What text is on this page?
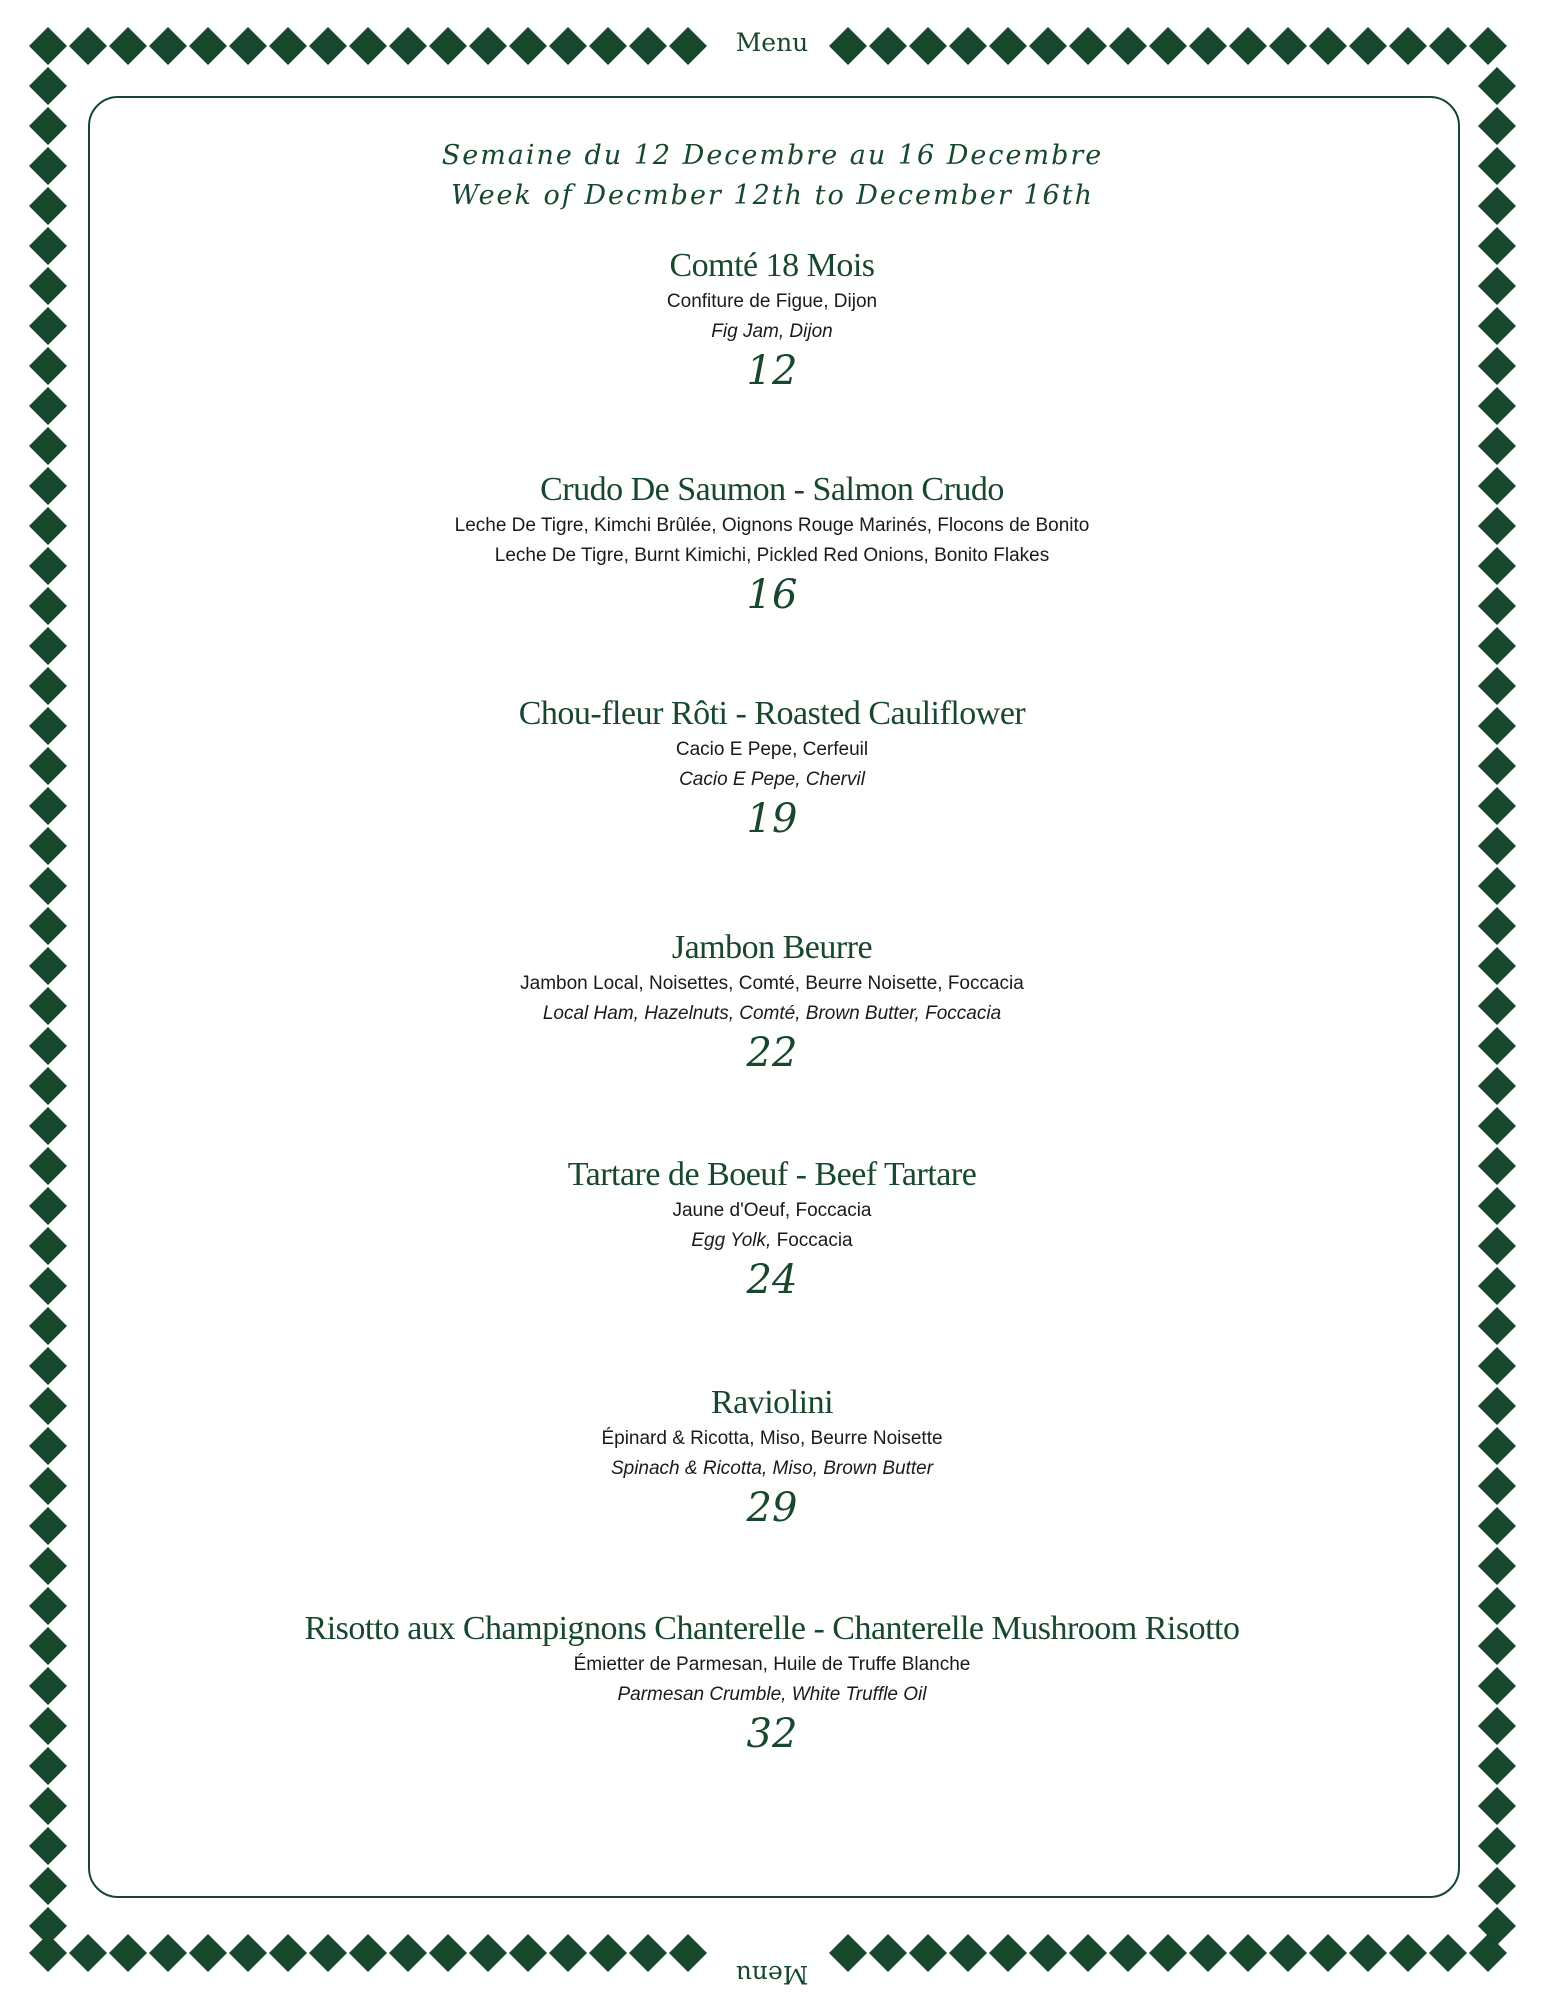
Menu
Menu
Semaine du 12 Decembre au 16 Decembre
Week of Decmber 12th to December 16th
Comté 18 Mois
Confiture de Figue, Dijon
Fig Jam, Dijon
12
Crudo De Saumon - Salmon Crudo
Leche De Tigre, Kimchi Brûlée, Oignons Rouge Marinés, Flocons de Bonito
Leche De Tigre, Burnt Kimichi, Pickled Red Onions, Bonito Flakes
16
Chou-fleur Rôti - Roasted Cauliflower
Cacio E Pepe, Cerfeuil
Cacio E Pepe, Chervil
19
Jambon Beurre
Jambon Local, Noisettes, Comté, Beurre Noisette, Foccacia
Local Ham, Hazelnuts, Comté, Brown Butter, Foccacia
22
Tartare de Boeuf - Beef Tartare
Jaune d'Oeuf, Foccacia
Egg Yolk, Foccacia
24
Raviolini
Épinard & Ricotta, Miso, Beurre Noisette
Spinach & Ricotta, Miso, Brown Butter
29
Risotto aux Champignons Chanterelle - Chanterelle Mushroom Risotto
Émietter de Parmesan, Huile de Truffe Blanche
Parmesan Crumble, White Truffle Oil
32
